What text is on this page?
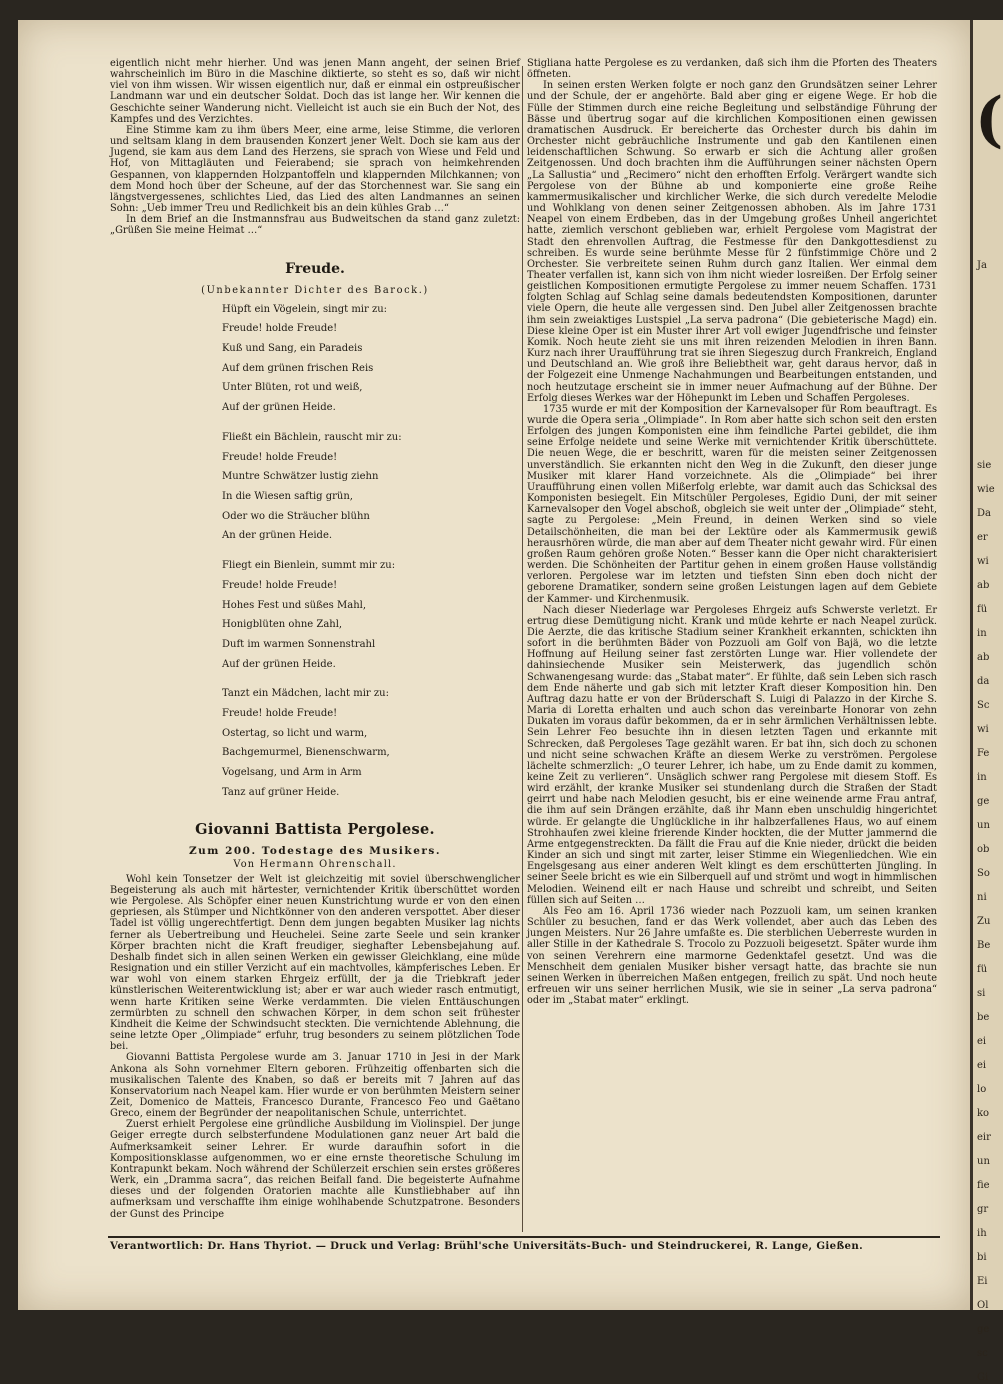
(
Ja
sie
wie
Da
er
wi
ab
fü
in
ab
da
Sc
wi
Fe
in
ge
un
ob
So
ni
Zu
Be
fü
si
be
ei
ei
lo
ko
eir
un
fie
gr
ih
bi
Ei
Ol
ge
sc
Gi

eigentlich nicht mehr hierher. Und was jenen Mann angeht, der seinen Brief wahrscheinlich im Büro in die Maschine diktierte, so steht es so, daß wir nicht viel von ihm wissen. Wir wissen eigentlich nur, daß er einmal ein ostpreußischer Landmann war und ein deutscher Soldat. Doch das ist lange her. Wir kennen die Geschichte seiner Wanderung nicht. Vielleicht ist auch sie ein Buch der Not, des Kampfes und des Verzichtes.

Eine Stimme kam zu ihm übers Meer, eine arme, leise Stimme, die verloren und seltsam klang in dem brausenden Konzert jener Welt. Doch sie kam aus der Jugend, sie kam aus dem Land des Herzens, sie sprach von Wiese und Feld und Hof, von Mittagläuten und Feierabend; sie sprach von heimkehrenden Gespannen, von klappernden Holzpantoffeln und klappernden Milchkannen; von dem Mond hoch über der Scheune, auf der das Storchennest war. Sie sang ein längstvergessenes, schlichtes Lied, das Lied des alten Landmannes an seinen Sohn: „Ueb immer Treu und Redlichkeit bis an dein kühles Grab …“

In dem Brief an die Instmannsfrau aus Budweitschen da stand ganz zuletzt: „Grüßen Sie meine Heimat …“

Freude.
(Unbekannter Dichter des Barock.)
Hüpft ein Vögelein, singt mir zu:
Freude! holde Freude!
Kuß und Sang, ein Paradeis
Auf dem grünen frischen Reis
Unter Blüten, rot und weiß,
Auf der grünen Heide.
Fließt ein Bächlein, rauscht mir zu:
Freude! holde Freude!
Muntre Schwätzer lustig ziehn
In die Wiesen saftig grün,
Oder wo die Sträucher blühn
An der grünen Heide.
Fliegt ein Bienlein, summt mir zu:
Freude! holde Freude!
Hohes Fest und süßes Mahl,
Honigblüten ohne Zahl,
Duft im warmen Sonnenstrahl
Auf der grünen Heide.
Tanzt ein Mädchen, lacht mir zu:
Freude! holde Freude!
Ostertag, so licht und warm,
Bachgemurmel, Bienenschwarm,
Vogelsang, und Arm in Arm
Tanz auf grüner Heide.
Giovanni Battista Pergolese.
Zum 200. Todestage des Musikers.
Von Hermann Ohrenschall.

Wohl kein Tonsetzer der Welt ist gleichzeitig mit soviel überschwenglicher Begeisterung als auch mit härtester, vernichtender Kritik überschüttet worden wie Pergolese. Als Schöpfer einer neuen Kunstrichtung wurde er von den einen gepriesen, als Stümper und Nichtkönner von den anderen verspottet. Aber dieser Tadel ist völlig ungerechtfertigt. Denn dem jungen begabten Musiker lag nichts ferner als Uebertreibung und Heuchelei. Seine zarte Seele und sein kranker Körper brachten nicht die Kraft freudiger, sieghafter Lebensbejahung auf. Deshalb findet sich in allen seinen Werken ein gewisser Gleichklang, eine müde Resignation und ein stiller Verzicht auf ein machtvolles, kämpferisches Leben. Er war wohl von einem starken Ehrgeiz erfüllt, der ja die Triebkraft jeder künstlerischen Weiterentwicklung ist; aber er war auch wieder rasch entmutigt, wenn harte Kritiken seine Werke verdammten. Die vielen Enttäuschungen zermürbten zu schnell den schwachen Körper, in dem schon seit frühester Kindheit die Keime der Schwindsucht steckten. Die vernichtende Ablehnung, die seine letzte Oper „Olimpiade“ erfuhr, trug besonders zu seinem plötzlichen Tode bei.

Giovanni Battista Pergolese wurde am 3. Januar 1710 in Jesi in der Mark Ankona als Sohn vornehmer Eltern geboren. Frühzeitig offenbarten sich die musikalischen Talente des Knaben, so daß er bereits mit 7 Jahren auf das Konservatorium nach Neapel kam. Hier wurde er von berühmten Meistern seiner Zeit, Domenico de Matteis, Francesco Durante, Francesco Feo und Gaëtano Greco, einem der Begründer der neapolitanischen Schule, unterrichtet.

Zuerst erhielt Pergolese eine gründliche Ausbildung im Violinspiel. Der junge Geiger erregte durch selbsterfundene Modulationen ganz neuer Art bald die Aufmerksamkeit seiner Lehrer. Er wurde daraufhin sofort in die Kompositionsklasse aufgenommen, wo er eine ernste theoretische Schulung im Kontrapunkt bekam. Noch während der Schülerzeit erschien sein erstes größeres Werk, ein „Dramma sacra“, das reichen Beifall fand. Die begeisterte Aufnahme dieses und der folgenden Oratorien machte alle Kunstliebhaber auf ihn aufmerksam und verschaffte ihm einige wohlhabende Schutzpatrone. Besonders der Gunst des Principe

Stigliana hatte Pergolese es zu verdanken, daß sich ihm die Pforten des Theaters öffneten.

In seinen ersten Werken folgte er noch ganz den Grundsätzen seiner Lehrer und der Schule, der er angehörte. Bald aber ging er eigene Wege. Er hob die Fülle der Stimmen durch eine reiche Begleitung und selbständige Führung der Bässe und übertrug sogar auf die kirchlichen Kompositionen einen gewissen dramatischen Ausdruck. Er bereicherte das Orchester durch bis dahin im Orchester nicht gebräuchliche Instrumente und gab den Kantilenen einen leidenschaftlichen Schwung. So erwarb er sich die Achtung aller großen Zeitgenossen. Und doch brachten ihm die Aufführungen seiner nächsten Opern „La Sallustia“ und „Recimero“ nicht den erhofften Erfolg. Verärgert wandte sich Pergolese von der Bühne ab und komponierte eine große Reihe kammermusikalischer und kirchlicher Werke, die sich durch veredelte Melodie und Wohlklang von denen seiner Zeitgenossen abhoben. Als im Jahre 1731 Neapel von einem Erdbeben, das in der Umgebung großes Unheil angerichtet hatte, ziemlich verschont geblieben war, erhielt Pergolese vom Magistrat der Stadt den ehrenvollen Auftrag, die Festmesse für den Dankgottesdienst zu schreiben. Es wurde seine berühmte Messe für 2 fünfstimmige Chöre und 2 Orchester. Sie verbreitete seinen Ruhm durch ganz Italien. Wer einmal dem Theater verfallen ist, kann sich von ihm nicht wieder losreißen. Der Erfolg seiner geistlichen Kompositionen ermutigte Pergolese zu immer neuem Schaffen. 1731 folgten Schlag auf Schlag seine damals bedeutendsten Kompositionen, darunter viele Opern, die heute alle vergessen sind. Den Jubel aller Zeitgenossen brachte ihm sein zweiaktiges Lustspiel „La serva padrona“ (Die gebieterische Magd) ein. Diese kleine Oper ist ein Muster ihrer Art voll ewiger Jugendfrische und feinster Komik. Noch heute zieht sie uns mit ihren reizenden Melodien in ihren Bann. Kurz nach ihrer Uraufführung trat sie ihren Siegeszug durch Frankreich, England und Deutschland an. Wie groß ihre Beliebtheit war, geht daraus hervor, daß in der Folgezeit eine Unmenge Nachahmungen und Bearbeitungen entstanden, und noch heutzutage erscheint sie in immer neuer Aufmachung auf der Bühne. Der Erfolg dieses Werkes war der Höhepunkt im Leben und Schaffen Pergoleses.

1735 wurde er mit der Komposition der Karnevalsoper für Rom beauftragt. Es wurde die Opera seria „Olimpiade“. In Rom aber hatte sich schon seit den ersten Erfolgen des jungen Komponisten eine ihm feindliche Partei gebildet, die ihm seine Erfolge neidete und seine Werke mit vernichtender Kritik überschüttete. Die neuen Wege, die er beschritt, waren für die meisten seiner Zeitgenossen unverständlich. Sie erkannten nicht den Weg in die Zukunft, den dieser junge Musiker mit klarer Hand vorzeichnete. Als die „Olimpiade“ bei ihrer Uraufführung einen vollen Mißerfolg erlebte, war damit auch das Schicksal des Komponisten besiegelt. Ein Mitschüler Pergoleses, Egidio Duni, der mit seiner Karnevalsoper den Vogel abschoß, obgleich sie weit unter der „Olimpiade“ steht, sagte zu Pergolese: „Mein Freund, in deinen Werken sind so viele Detailschönheiten, die man bei der Lektüre oder als Kammermusik gewiß herausrhören würde, die man aber auf dem Theater nicht gewahr wird. Für einen großen Raum gehören große Noten.“ Besser kann die Oper nicht charakterisiert werden. Die Schönheiten der Partitur gehen in einem großen Hause vollständig verloren. Pergolese war im letzten und tiefsten Sinn eben doch nicht der geborene Dramatiker, sondern seine großen Leistungen lagen auf dem Gebiete der Kammer- und Kirchenmusik.

Nach dieser Niederlage war Pergoleses Ehrgeiz aufs Schwerste verletzt. Er ertrug diese Demütigung nicht. Krank und müde kehrte er nach Neapel zurück. Die Aerzte, die das kritische Stadium seiner Krankheit erkannten, schickten ihn sofort in die berühmten Bäder von Pozzuoli am Golf von Bajä, wo die letzte Hoffnung auf Heilung seiner fast zerstörten Lunge war. Hier vollendete der dahinsiechende Musiker sein Meisterwerk, das jugendlich schön Schwanengesang wurde: das „Stabat mater“. Er fühlte, daß sein Leben sich rasch dem Ende näherte und gab sich mit letzter Kraft dieser Komposition hin. Den Auftrag dazu hatte er von der Brüderschaft S. Luigi di Palazzo in der Kirche S. Maria di Loretta erhalten und auch schon das vereinbarte Honorar von zehn Dukaten im voraus dafür bekommen, da er in sehr ärmlichen Verhältnissen lebte. Sein Lehrer Feo besuchte ihn in diesen letzten Tagen und erkannte mit Schrecken, daß Pergoleses Tage gezählt waren. Er bat ihn, sich doch zu schonen und nicht seine schwachen Kräfte an diesem Werke zu verströmen. Pergolese lächelte schmerzlich: „O teurer Lehrer, ich habe, um zu Ende damit zu kommen, keine Zeit zu verlieren“. Unsäglich schwer rang Pergolese mit diesem Stoff. Es wird erzählt, der kranke Musiker sei stundenlang durch die Straßen der Stadt geirrt und habe nach Melodien gesucht, bis er eine weinende arme Frau antraf, die ihm auf sein Drängen erzählte, daß ihr Mann eben unschuldig hingerichtet würde. Er gelangte die Unglückliche in ihr halbzerfallenes Haus, wo auf einem Strohhaufen zwei kleine frierende Kinder hockten, die der Mutter jammernd die Arme entgegenstreckten. Da fällt die Frau auf die Knie nieder, drückt die beiden Kinder an sich und singt mit zarter, leiser Stimme ein Wiegenliedchen. Wie ein Engelsgesang aus einer anderen Welt klingt es dem erschütterten Jüngling. In seiner Seele bricht es wie ein Silberquell auf und strömt und wogt in himmlischen Melodien. Weinend eilt er nach Hause und schreibt und schreibt, und Seiten füllen sich auf Seiten …

Als Feo am 16. April 1736 wieder nach Pozzuoli kam, um seinen kranken Schüler zu besuchen, fand er das Werk vollendet, aber auch das Leben des jungen Meisters. Nur 26 Jahre umfaßte es. Die sterblichen Ueberreste wurden in aller Stille in der Kathedrale S. Trocolo zu Pozzuoli beigesetzt. Später wurde ihm von seinen Verehrern eine marmorne Gedenktafel gesetzt. Und was die Menschheit dem genialen Musiker bisher versagt hatte, das brachte sie nun seinen Werken in überreichen Maßen entgegen, freilich zu spät. Und noch heute erfreuen wir uns seiner herrlichen Musik, wie sie in seiner „La serva padrona“ oder im „Stabat mater“ erklingt.

Verantwortlich: Dr. Hans Thyriot. — Druck und Verlag: Brühl'sche Universitäts-Buch- und Steindruckerei, R. Lange, Gießen.
